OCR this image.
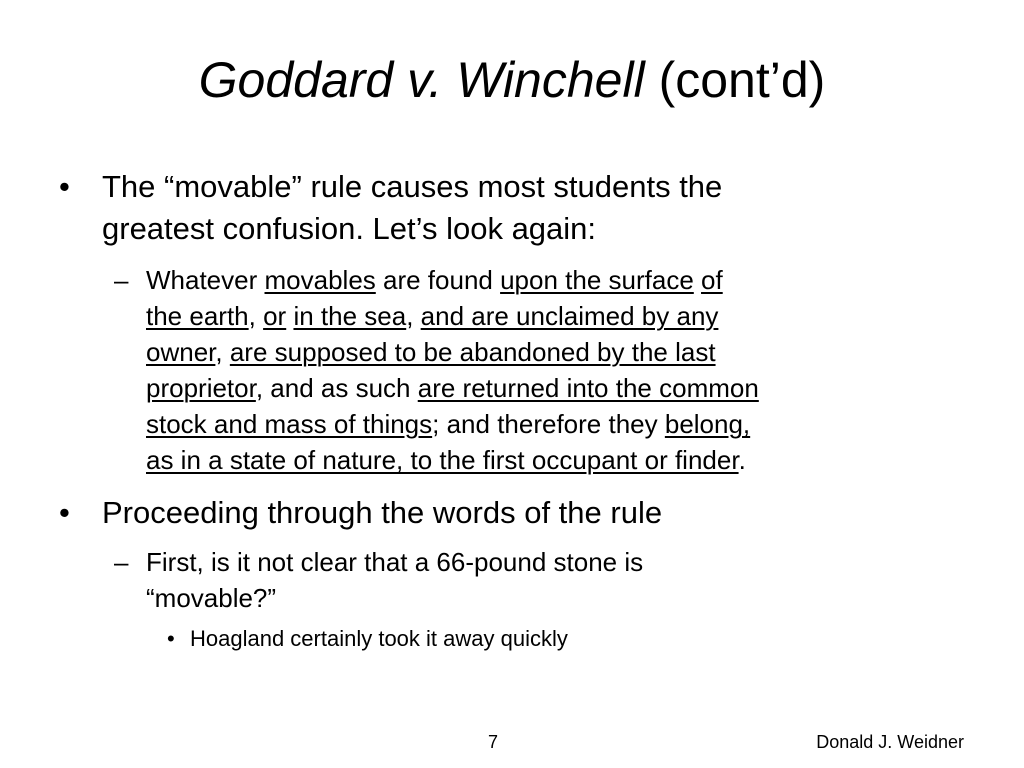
Goddard v. Winchell (cont’d)
• The “movable” rule causes most students the
greatest confusion. Let’s look again:
– Whatever movables are found upon the surface of
the earth, or in the sea, and are unclaimed by any
owner, are supposed to be abandoned by the last
proprietor, and as such are returned into the common
stock and mass of things; and therefore they belong,
as in a state of nature, to the first occupant or finder.
• Proceeding through the words of the rule
– First, is it not clear that a 66-pound stone is
“movable?”
• Hoagland certainly took it away quickly
7	Donald J. Weidner
